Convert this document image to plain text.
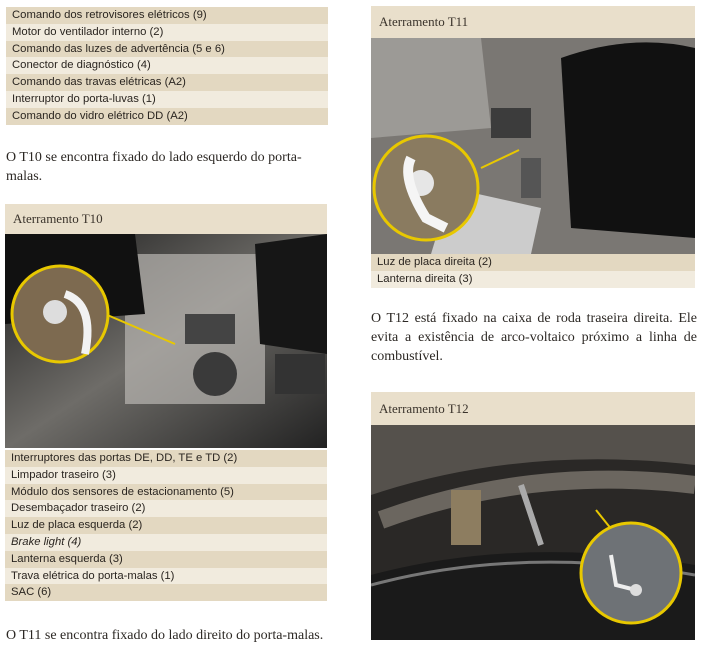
Comando dos retrovisores elétricos (9)
Motor do ventilador interno (2)
Comando das luzes de advertência (5 e 6)
Conector de diagnóstico (4)
Comando das travas elétricas (A2)
Interruptor do porta-luvas (1)
Comando do vidro elétrico DD (A2)

O T10 se encontra fixado do lado esquerdo do porta- malas.

Aterramento T10
Interruptores das portas DE, DD, TE e TD (2)
Limpador traseiro (3)
Módulo dos sensores de estacionamento (5)
Desembaçador traseiro (2)
Luz de placa esquerda (2)
Brake light (4)
Lanterna esquerda (3)
Trava elétrica do porta-malas (1)
SAC (6)

O T11 se encontra fixado do lado direito do porta-malas.

Aterramento T11
Luz de placa direita (2)
Lanterna direita (3)

O T12 está fixado na caixa de roda traseira direita. Ele evita a existência de arco-voltaico próximo a linha de combustível.

Aterramento T12
